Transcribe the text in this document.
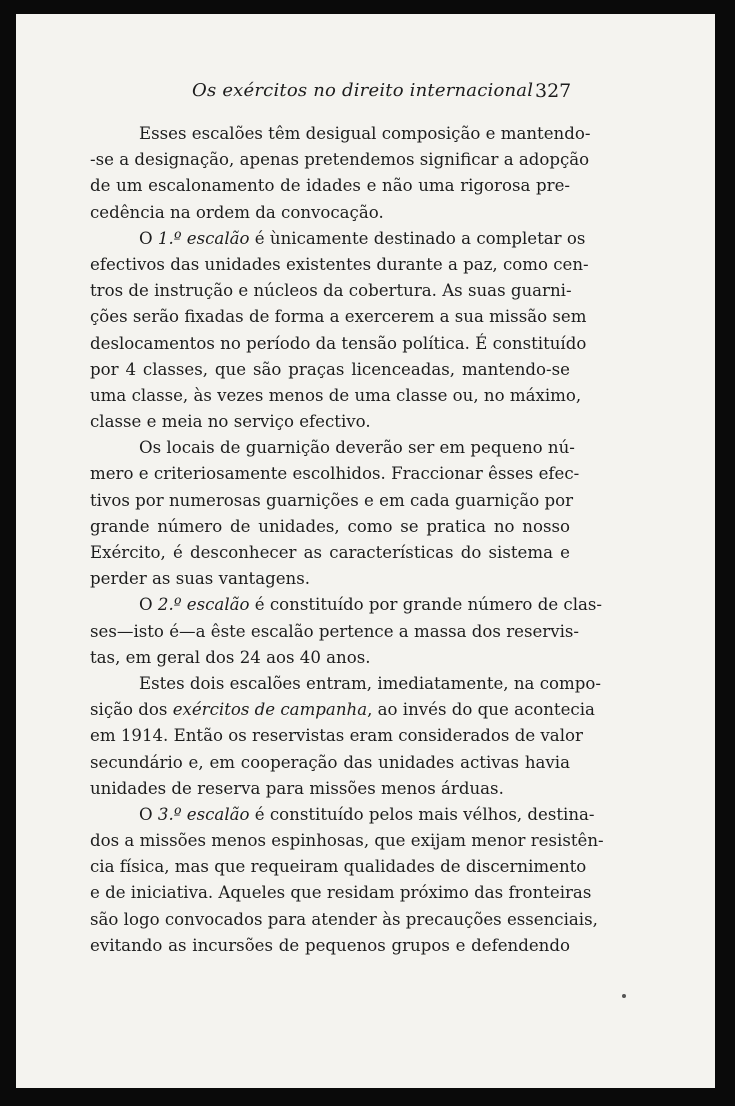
Os exércitos no direito internacional 327
Esses escalões têm desigual composição e mantendo-
-se a designação, apenas pretendemos significar a adopção
de um escalonamento de idades e não uma rigorosa pre-
cedência na ordem da convocação.
O 1.º escalão é ùnicamente destinado a completar os
efectivos das unidades existentes durante a paz, como cen-
tros de instrução e núcleos da cobertura. As suas guarni-
ções serão fixadas de forma a exercerem a sua missão sem
deslocamentos no período da tensão política. É constituído
por 4 classes, que são praças licenceadas, mantendo-se
uma classe, às vezes menos de uma classe ou, no máximo,
classe e meia no serviço efectivo.
Os locais de guarnição deverão ser em pequeno nú-
mero e criteriosamente escolhidos. Fraccionar êsses efec-
tivos por numerosas guarnições e em cada guarnição por
grande número de unidades, como se pratica no nosso
Exército, é desconhecer as características do sistema e
perder as suas vantagens.
O 2.º escalão é constituído por grande número de clas-
ses—isto é—a êste escalão pertence a massa dos reservis-
tas, em geral dos 24 aos 40 anos.
Estes dois escalões entram, imediatamente, na compo-
sição dos exércitos de campanha, ao invés do que acontecia
em 1914. Então os reservistas eram considerados de valor
secundário e, em cooperação das unidades activas havia
unidades de reserva para missões menos árduas.
O 3.º escalão é constituído pelos mais vélhos, destina-
dos a missões menos espinhosas, que exijam menor resistên-
cia física, mas que requeiram qualidades de discernimento
e de iniciativa. Aqueles que residam próximo das fronteiras
são logo convocados para atender às precauções essenciais,
evitando as incursões de pequenos grupos e defendendo
